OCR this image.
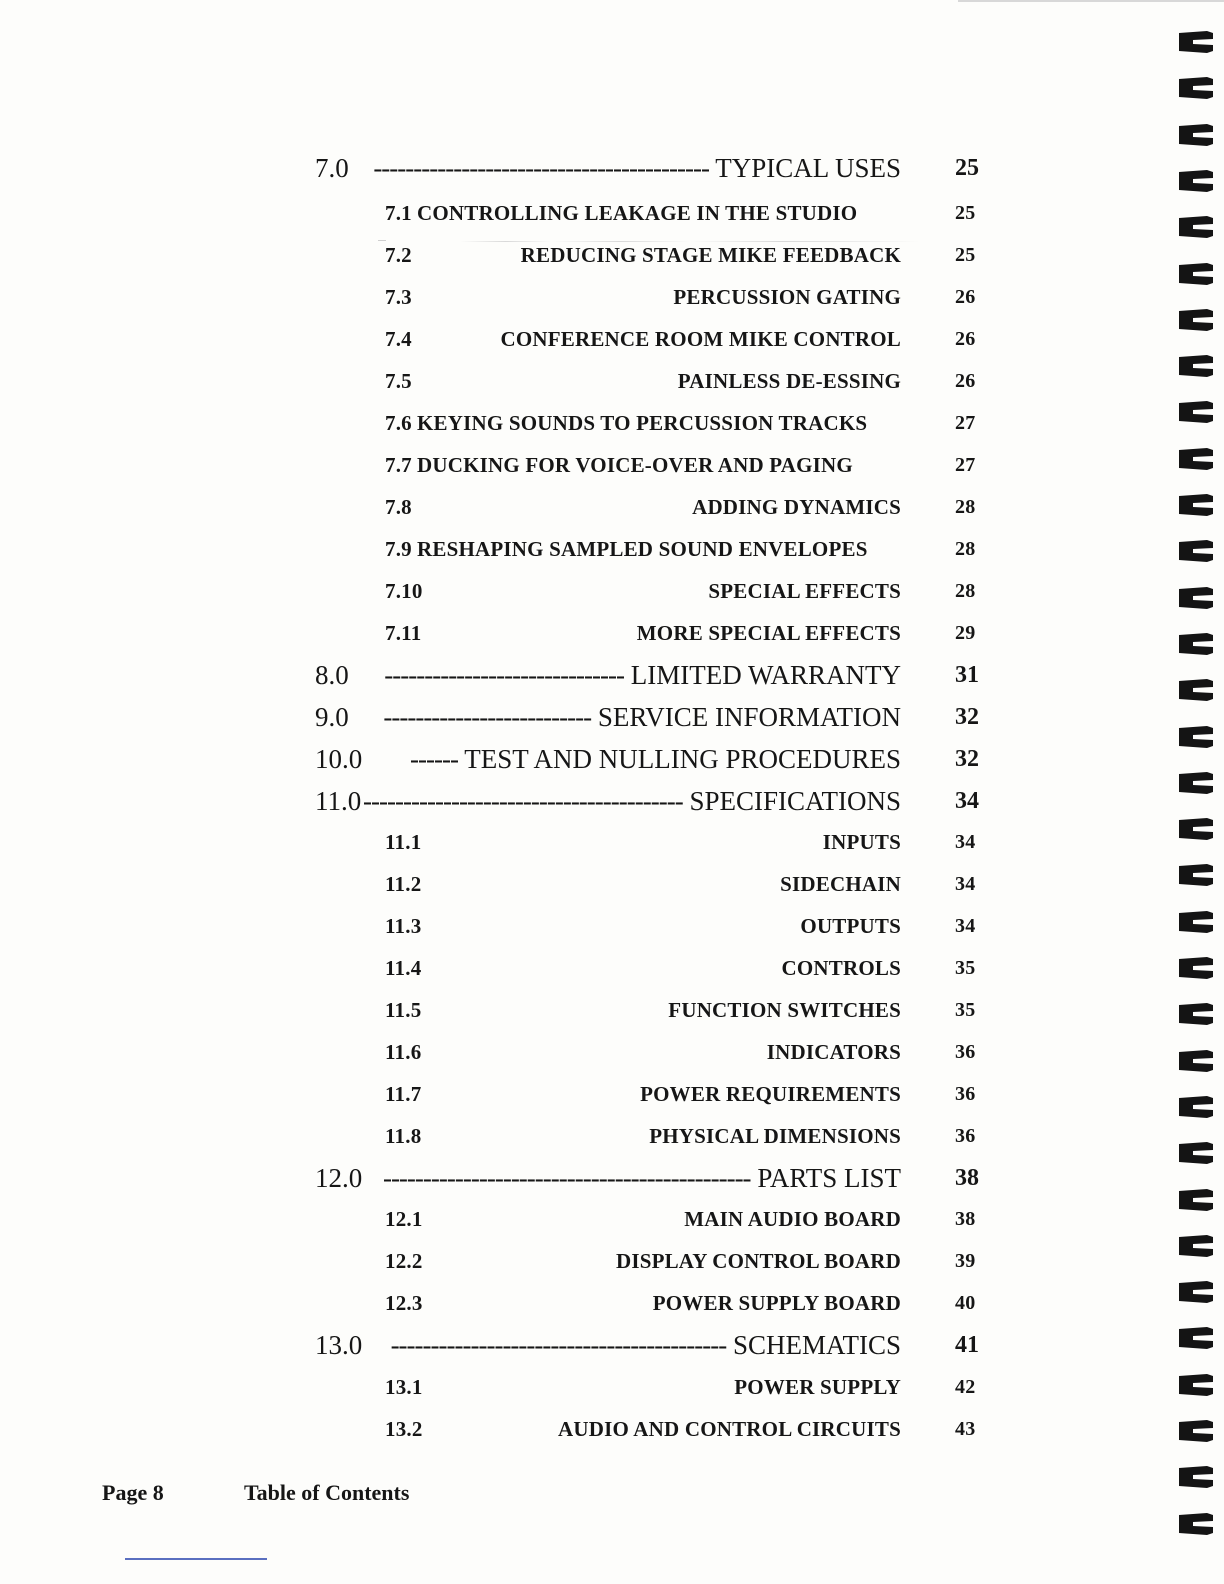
7.0 ------------------------------------------ TYPICAL USES 25
7.1 CONTROLLING LEAKAGE IN THE STUDIO	25
7.2	REDUCING STAGE MIKE FEEDBACK	25
7.3	PERCUSSION GATING	26
7.4	CONFERENCE ROOM MIKE CONTROL	26
7.5	PAINLESS DE-ESSING	26
7.6 KEYING SOUNDS TO PERCUSSION TRACKS	27
7.7 DUCKING FOR VOICE-OVER AND PAGING	27
7.8	ADDING DYNAMICS	28
7.9 RESHAPING SAMPLED SOUND ENVELOPES	28
7.10	SPECIAL EFFECTS	28
7.11	MORE SPECIAL EFFECTS	29
8.0	------------------------------ LIMITED WARRANTY 31
9.0	-------------------------- SERVICE INFORMATION 32
10.0	------ TEST AND NULLING PROCEDURES 32
11.0 ---------------------------------------- SPECIFICATIONS 34
11.1	INPUTS	34
11.2	SIDECHAIN	34
11.3	OUTPUTS	34
11.4	CONTROLS	35
11.5	FUNCTION SWITCHES	35
11.6	INDICATORS	36
11.7	POWER REQUIREMENTS	36
11.8	PHYSICAL DIMENSIONS	36
12.0 ---------------------------------------------- PARTS LIST 38
12.1	MAIN AUDIO BOARD	38
12.2	DISPLAY CONTROL BOARD	39
12.3	POWER SUPPLY BOARD	40
13.0	------------------------------------------ SCHEMATICS 41
13.1	POWER SUPPLY	42
13.2	AUDIO AND CONTROL CIRCUITS	43
Page 8	Table of Contents
